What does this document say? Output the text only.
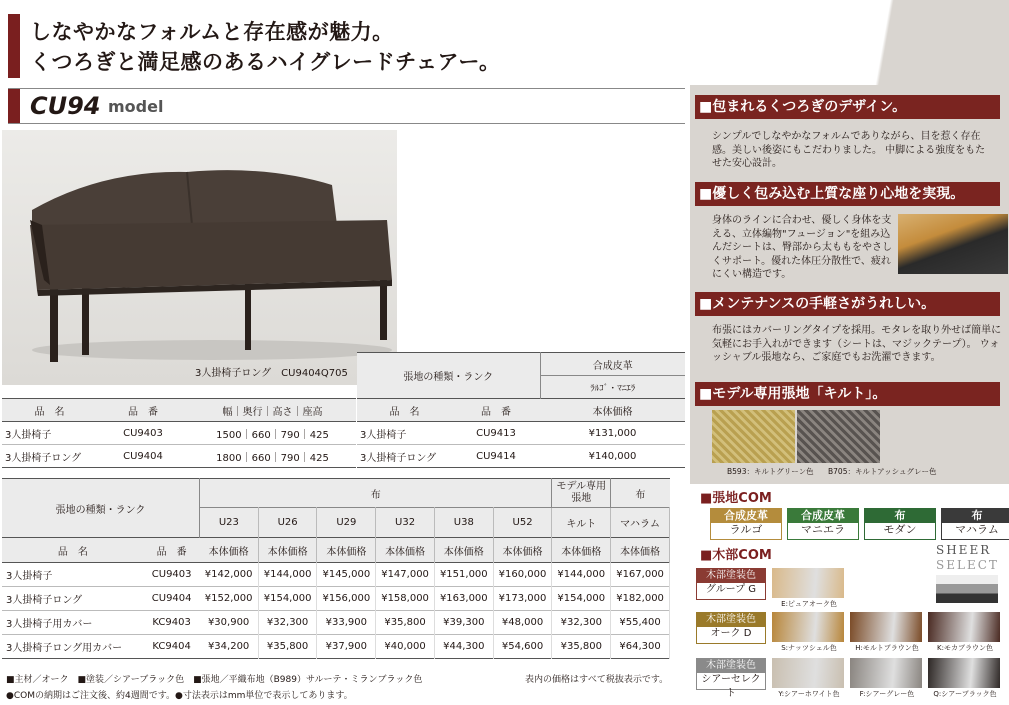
しなやかなフォルムと存在感が魅力。
くつろぎと満足感のあるハイグレードチェアー。
CU94 model
3人掛椅子ロング　CU9404Q705
■包まれるくつろぎのデザイン。
シンプルでしなやかなフォルムでありながら、目を惹く存在感。美しい後姿にもこだわりました。 中脚による強度をもたせた安心設計。
■優しく包み込む上質な座り心地を実現。
身体のラインに合わせ、優しく身体を支える、立体編物"フュージョン"を組み込んだシートは、臀部から太ももをやさしくサポート。優れた体圧分散性で、疲れにくい構造です。
■メンテナンスの手軽さがうれしい。
布張にはカバーリングタイプを採用。モタレを取り外せば簡単に気軽にお手入れができます（シートは、マジックテープ）。 ウォッシャブル張地なら、ご家庭でもお洗濯できます。
■モデル専用張地「キルト」。
B593：キルトグリーン色 B705：キルトアッシュグレー色
品　名	品　番	幅｜奥行｜高さ｜座高
3人掛椅子	CU9403	1500｜660｜790｜425
3人掛椅子ロング	CU9404	1800｜660｜790｜425
張地の種類・ランク		合成皮革
		ﾗﾙｺﾞ・ﾏﾆｴﾗ
品　名	品　番	本体価格
3人掛椅子	CU9413	¥131,000
3人掛椅子ロング	CU9414	¥140,000
張地の種類・ランク		布						モデル専用張地	布
		U23	U26	U29	U32	U38	U52	キルト	マハラム
品　名	品　番	本体価格	本体価格	本体価格	本体価格	本体価格	本体価格	本体価格	本体価格
3人掛椅子	CU9403	¥142,000	¥144,000	¥145,000	¥147,000	¥151,000	¥160,000	¥144,000	¥167,000
3人掛椅子ロング	CU9404	¥152,000	¥154,000	¥156,000	¥158,000	¥163,000	¥173,000	¥154,000	¥182,000
3人掛椅子用カバー	KC9403	¥30,900	¥32,300	¥33,900	¥35,800	¥39,300	¥48,000	¥32,300	¥55,400
3人掛椅子ロング用カバー	KC9404	¥34,200	¥35,800	¥37,900	¥40,000	¥44,300	¥54,600	¥35,800	¥64,300
■主材／オーク　■塗装／シアーブラック色　■張地／平織布地（B989）サルーテ・ミランブラック色
●COMの納期はご注文後、約4週間です。●寸法表示はmm単位で表示してあります。
表内の価格はすべて税抜表示です。
■張地COM
合成皮革
ラルゴ
合成皮革
マニエラ
布
モダン
布
マハラム
■木部COM	SHEER
SELECT
木部塗装色
グループ G
木部塗装色
オーク D
木部塗装色
シアーセレクト
E:ピュアオーク色
S:ナッツシェル色	H:モルトブラウン色	K:モカブラウン色
Y:シアーホワイト色	F:シアーグレー色	Q:シアーブラック色
